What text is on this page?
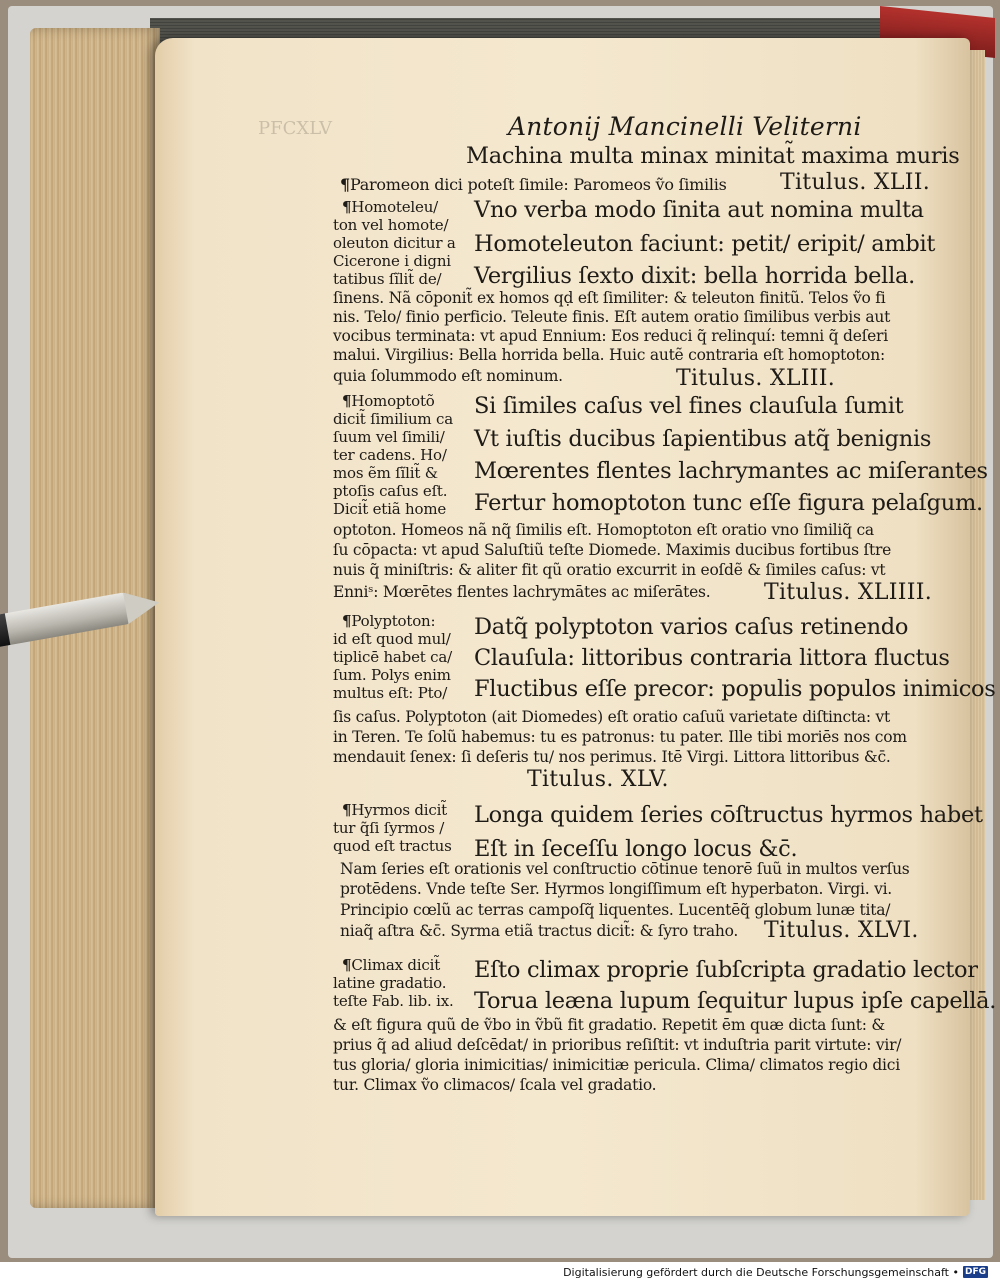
PFCXLV	Antonij Mancinelli Veliterni
Machina multa minax minitat̃ maxima muris
¶Paromeon dici poteſt ſimile: Paromeos ṽo ſimilis Titulus. XLII.
¶Homoteleu/
ton vel homote/
oleuton dicitur a
Cicerone i digni
tatibus ſĩlit̃ de/
Vno verba modo ſinita aut nomina multa
Homoteleuton faciunt: petit/ eripit/ ambit
Vergilius ſexto dixit: bella horrida bella.
ſinens. Nã cōponit̃ ex homos qḍ eſt ſimiliter: & teleuton finitũ. Telos ṽo fi
nis. Telo/ finio perficio. Teleute finis. Eſt autem oratio ſimilibus verbis aut
vocibus terminata: vt apud Ennium: Eos reduci q̃ relinquí: temni q̃ deſeri
malui. Virgilius: Bella horrida bella. Huic autẽ contraria eſt homoptoton:
quia ſolummodo eſt nominum.	Titulus. XLIII.
¶Homoptotõ
dicit̃ ſimilium ca
ſuum vel ſimili/
ter cadens. Ho/
mos ẽm ſĩlit̃ &
ptoſis caſus eſt.
Dicit̃ etiã home
Si ſimiles caſus vel fines clauſula ſumit
Vt iuſtis ducibus ſapientibus atq̃ benignis
Mœrentes flentes lachrymantes ac miſerantes
Fertur homoptoton tunc eſſe figura pelaſgum.
optoton. Homeos nã nq̃ ſimilis eſt. Homoptoton eſt oratio vno ſimiliq̃ ca
ſu cōpacta: vt apud Saluſtiũ teſte Diomede. Maximis ducibus fortibus ſtre
nuis q̃ miniſtris: & aliter fit qũ oratio excurrit in eoſdẽ & ſimiles caſus: vt
Enniˢ: Mœrētes flentes lachrymātes ac miſerātes. Titulus. XLIIII.
¶Polyptoton:
id eſt quod mul/
tiplicē habet ca/
ſum. Polys enim
multus eſt: Pto/
Datq̃ polyptoton varios caſus retinendo
Clauſula: littoribus contraria littora fluctus
Fluctibus eſſe precor: populis populos inimicos
ſis caſus. Polyptoton (ait Diomedes) eſt oratio caſuũ varietate diſtincta: vt
in Teren. Te ſolũ habemus: tu es patronus: tu pater. Ille tibi moriēs nos com
mendauit ſenex: ſi deſeris tu/ nos perimus. Itē Virgi. Littora littoribus &c̄.
Titulus. XLV.
¶Hyrmos dicit̃
tur q̃ſi ſyrmos /
quod eſt tractus
Longa quidem ſeries cōſtructus hyrmos habet
Eſt in ſeceſſu longo locus &c̄.
Nam ſeries eſt orationis vel conſtructio cōtinue tenorē ſuũ in multos verſus
protēdens. Vnde teſte Ser. Hyrmos longiſſimum eſt hyperbaton. Virgi. vi.
Principio cœlũ ac terras campoſq̃ liquentes. Lucentēq̃ globum lunæ tita/
niaq̃ aſtra &c̄. Syrma etiã tractus dicit̃: & ſyro traho. Titulus. XLVI.
¶Climax dicit̃
latine gradatio.
teſte Fab. lib. ix.
Eſto climax proprie ſubſcripta gradatio lector
Torua leæna lupum ſequitur lupus ipſe capellā.
& eſt figura quũ de ṽbo in ṽbũ fit gradatio. Repetit ēm quæ dicta ſunt: &
prius q̃ ad aliud deſcēdat/ in prioribus reſiſtit: vt induſtria parit virtute: vir/
tus gloria/ gloria inimicitias/ inimicitiæ pericula. Clima/ climatos regio dici
tur. Climax ṽo climacos/ ſcala vel gradatio.
Digitalisierung gefördert durch die Deutsche Forschungsgemeinschaft • DFG
